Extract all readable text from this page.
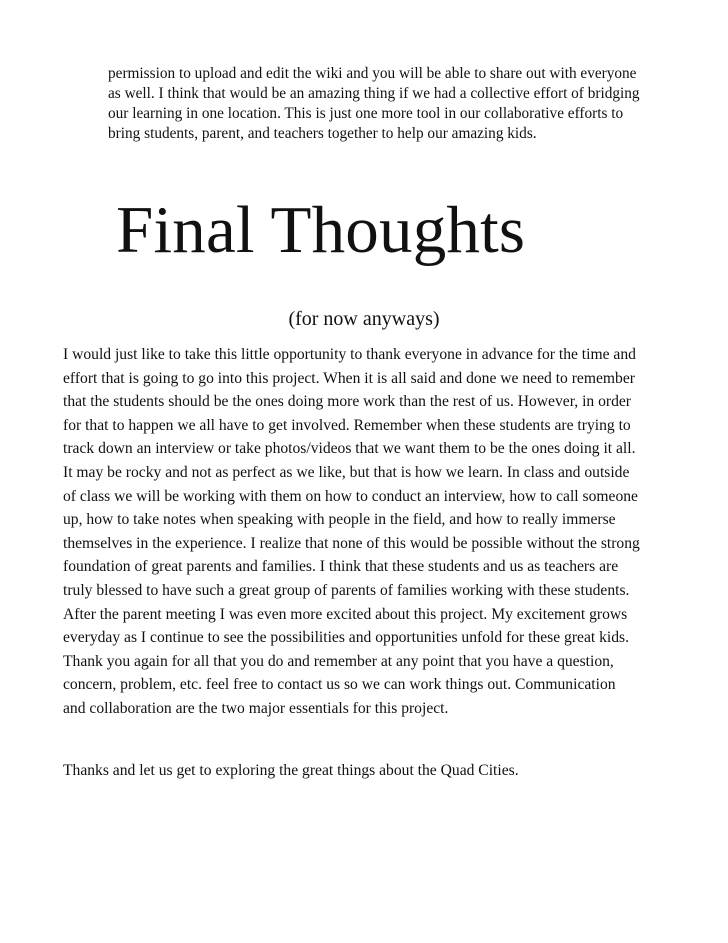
permission to upload and edit the wiki and you will be able to share out with everyone
as well. I think that would be an amazing thing if we had a collective effort of bridging
our learning in one location. This is just one more tool in our collaborative efforts to
bring students, parent, and teachers together to help our amazing kids.
Final Thoughts
(for now anyways)
I would just like to take this little opportunity to thank everyone in advance for the time and
effort that is going to go into this project. When it is all said and done we need to remember
that the students should be the ones doing more work than the rest of us. However, in order
for that to happen we all have to get involved. Remember when these students are trying to
track down an interview or take photos/videos that we want them to be the ones doing it all.
It may be rocky and not as perfect as we like, but that is how we learn. In class and outside
of class we will be working with them on how to conduct an interview, how to call someone
up, how to take notes when speaking with people in the field, and how to really immerse
themselves in the experience. I realize that none of this would be possible without the strong
foundation of great parents and families. I think that these students and us as teachers are
truly blessed to have such a great group of parents of families working with these students.
After the parent meeting I was even more excited about this project. My excitement grows
everyday as I continue to see the possibilities and opportunities unfold for these great kids.
Thank you again for all that you do and remember at any point that you have a question,
concern, problem, etc. feel free to contact us so we can work things out. Communication
and collaboration are the two major essentials for this project.
Thanks and let us get to exploring the great things about the Quad Cities.
